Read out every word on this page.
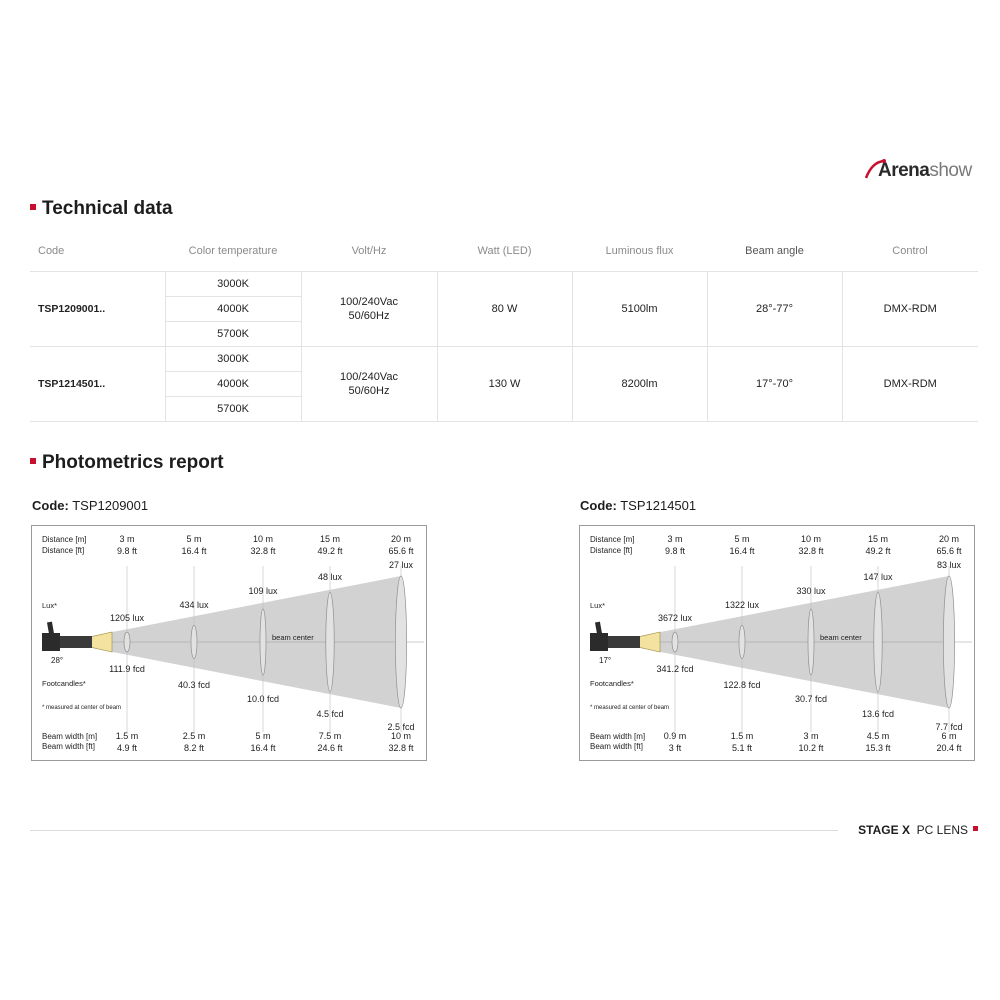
Arenashow
Technical data
Code	Color temperature	Volt/Hz	Watt (LED)	Luminous flux	Beam angle	Control
TSP1209001..	3000K	100/240Vac
50/60Hz	80 W	5100lm	28°-77°	DMX-RDM
	4000K					
	5700K					
TSP1214501..	3000K	100/240Vac
50/60Hz	130 W	8200lm	17°-70°	DMX-RDM
	4000K					
	5700K					
Photometrics report
Code: TSP1209001	Code: TSP1214501
Distance [m]
Distance [ft]
Lux*
28°
Footcandles*
* measured at center of beam
Beam width [m]
Beam width [ft]
beam center
3 m
9.8 ft
1.5 m
4.9 ft
5 m
16.4 ft
2.5 m
8.2 ft
10 m
32.8 ft
5 m
16.4 ft
15 m
49.2 ft
7.5 m
24.6 ft
20 m
65.6 ft
10 m
32.8 ft
1205 lux
434 lux
109 lux
48 lux
27 lux
111.9 fcd
40.3 fcd
10.0 fcd
4.5 fcd
2.5 fcd
Distance [m]
Distance [ft]
Lux*
17°
Footcandles*
* measured at center of beam
Beam width [m]
Beam width [ft]
beam center
3 m
9.8 ft
0.9 m
3 ft
5 m
16.4 ft
1.5 m
5.1 ft
10 m
32.8 ft
3 m
10.2 ft
15 m
49.2 ft
4.5 m
15.3 ft
20 m
65.6 ft
6 m
20.4 ft
3672 lux
1322 lux
330 lux
147 lux
83 lux
341.2 fcd
122.8 fcd
30.7 fcd
13.6 fcd
7.7 fcd
STAGE X PC LENS
